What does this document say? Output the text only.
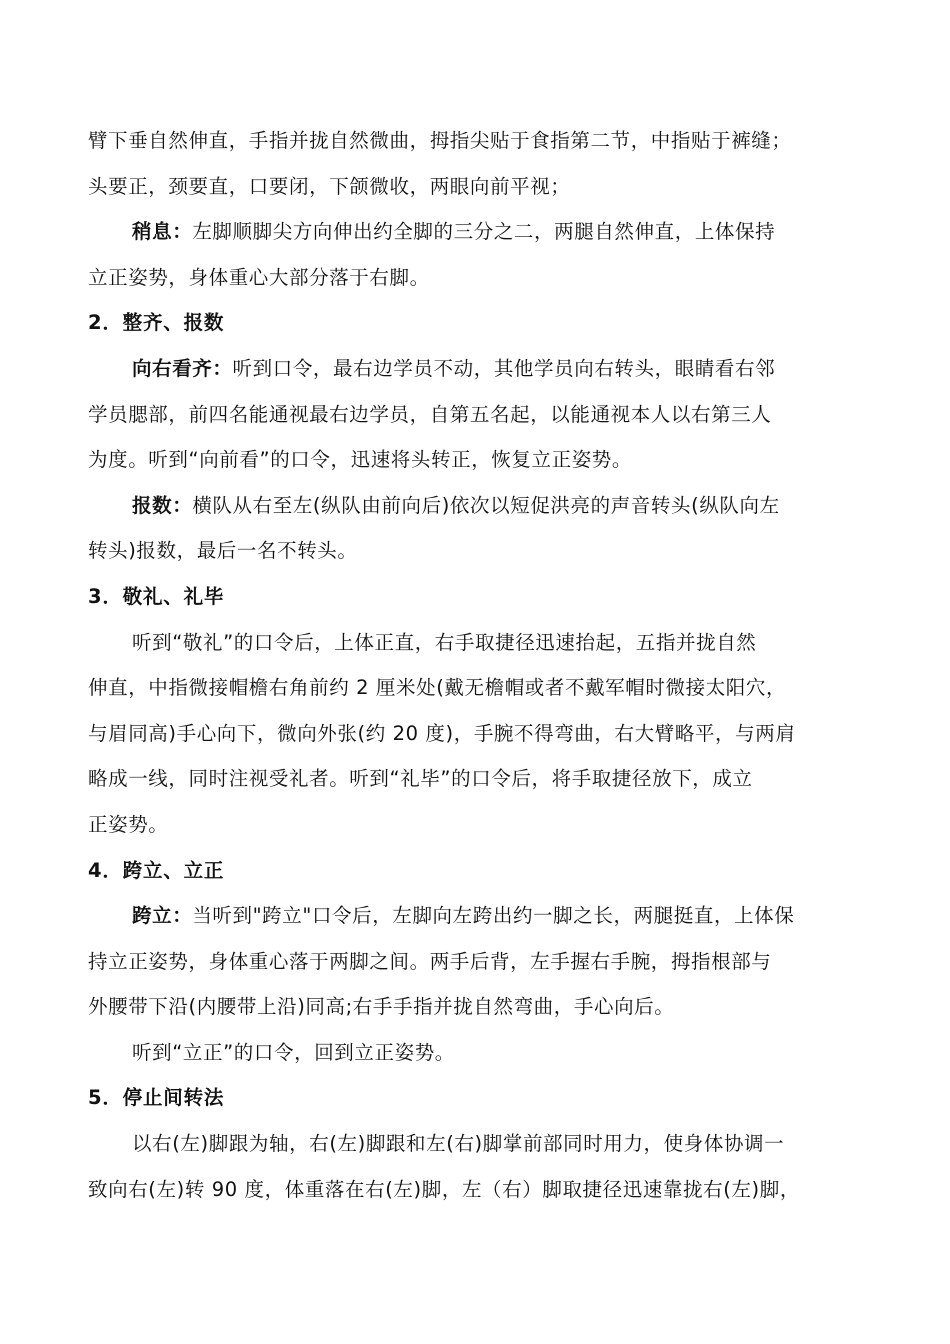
臂下垂自然伸直，手指并拢自然微曲，拇指尖贴于食指第二节，中指贴于裤缝；
头要正，颈要直，口要闭，下颌微收，两眼向前平视；
稍息：左脚顺脚尖方向伸出约全脚的三分之二，两腿自然伸直，上体保持
立正姿势，身体重心大部分落于右脚。
2．整齐、报数
向右看齐：听到口令，最右边学员不动，其他学员向右转头，眼睛看右邻
学员腮部，前四名能通视最右边学员，自第五名起，以能通视本人以右第三人
为度。听到“向前看”的口令，迅速将头转正，恢复立正姿势。
报数：横队从右至左(纵队由前向后)依次以短促洪亮的声音转头(纵队向左
转头)报数，最后一名不转头。
3．敬礼、礼毕
听到“敬礼”的口令后，上体正直，右手取捷径迅速抬起，五指并拢自然
伸直，中指微接帽檐右角前约 2 厘米处(戴无檐帽或者不戴军帽时微接太阳穴，
与眉同高)手心向下，微向外张(约 20 度)，手腕不得弯曲，右大臂略平，与两肩
略成一线，同时注视受礼者。听到“礼毕”的口令后，将手取捷径放下，成立
正姿势。
4．跨立、立正
跨立：当听到"跨立"口令后，左脚向左跨出约一脚之长，两腿挺直，上体保
持立正姿势，身体重心落于两脚之间。两手后背，左手握右手腕，拇指根部与
外腰带下沿(内腰带上沿)同高;右手手指并拢自然弯曲，手心向后。
听到“立正”的口令，回到立正姿势。
5．停止间转法
以右(左)脚跟为轴，右(左)脚跟和左(右)脚掌前部同时用力，使身体协调一
致向右(左)转 90 度，体重落在右(左)脚，左（右）脚取捷径迅速靠拢右(左)脚，
